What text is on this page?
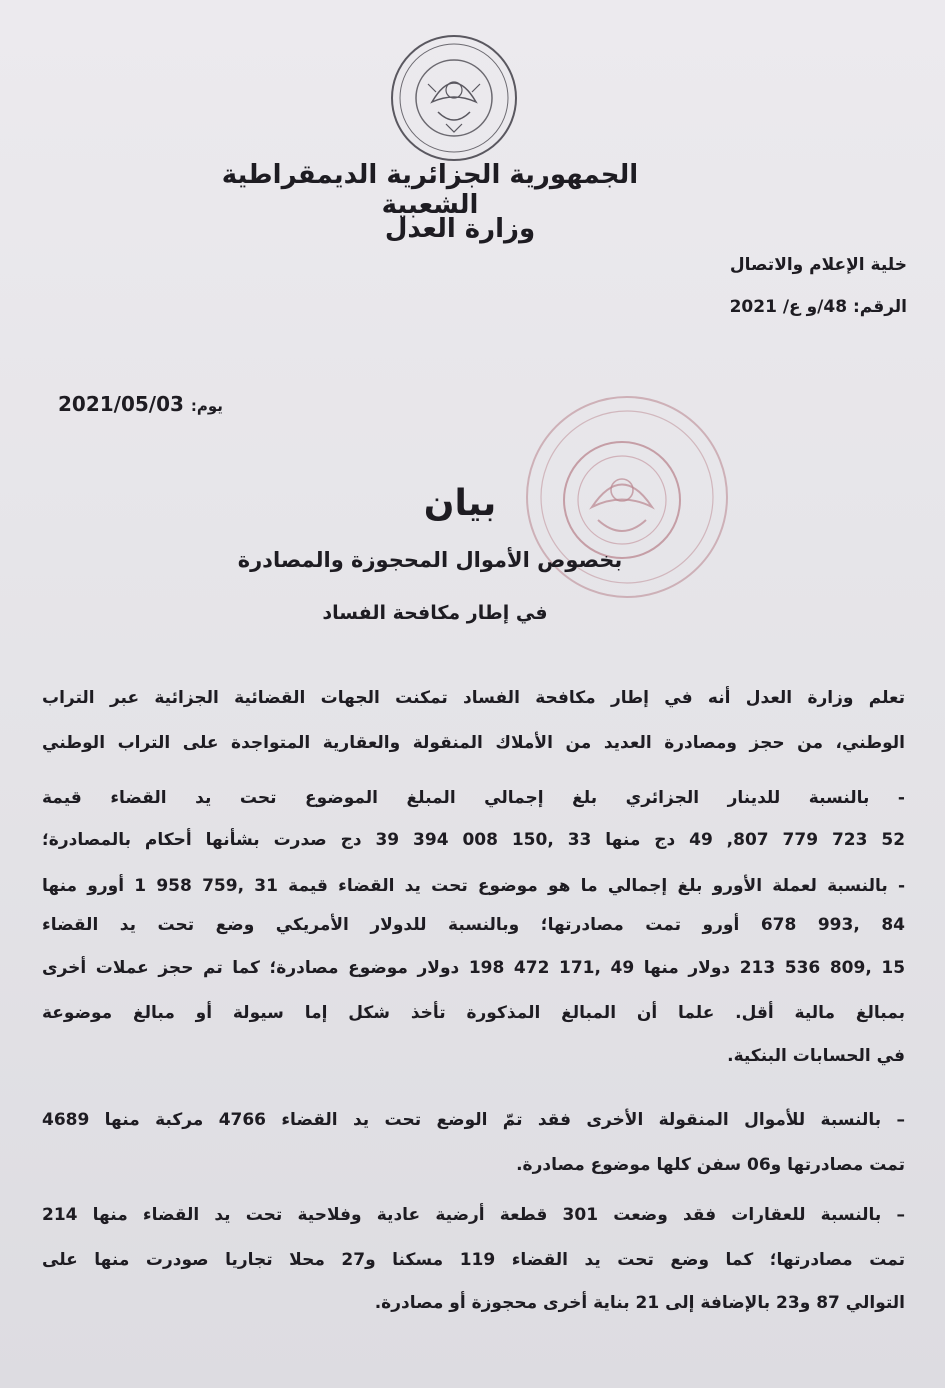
الجمهورية الجزائرية الديمقراطية الشعبية
وزارة العدل
خلية الإعلام والاتصال
الرقم: 48/و ع/ 2021
2021/05/03 يوم:
بيان
بخصوص الأموال المحجوزة والمصادرة
في إطار مكافحة الفساد
تعلم وزارة العدل أنه في إطار مكافحة الفساد تمكنت الجهات القضائية الجزائية عبر التراب
الوطني، من حجز ومصادرة العديد من الأملاك المنقولة والعقارية المتواجدة على التراب الوطني
- بالنسبة للدينار الجزائري بلغ إجمالي المبلغ الموضوع تحت يد القضاء قيمة
52 723 779 807, 49 دج منها 33 ,150 008 394 39 دج صدرت بشأنها أحكام بالمصادرة؛
- بالنسبة لعملة الأورو بلغ إجمالي ما هو موضوع تحت يد القضاء قيمة 31 ,759 958 1 أورو منها
84 ,993 678 أورو تمت مصادرتها؛ وبالنسبة للدولار الأمريكي وضع تحت يد القضاء
15 ,809 536 213 دولار منها 49 ,171 472 198 دولار موضوع مصادرة؛ كما تم حجز عملات أخرى
بمبالغ مالية أقل. علما أن المبالغ المذكورة تأخذ شكل إما سيولة أو مبالغ موضوعة
في الحسابات البنكية.
– بالنسبة للأموال المنقولة الأخرى فقد تمّ الوضع تحت يد القضاء 4766 مركبة منها 4689
تمت مصادرتها و06 سفن كلها موضوع مصادرة.
– بالنسبة للعقارات فقد وضعت 301 قطعة أرضية عادية وفلاحية تحت يد القضاء منها 214
تمت مصادرتها؛ كما وضع تحت يد القضاء 119 مسكنا و27 محلا تجاريا صودرت منها على
التوالي 87 و23 بالإضافة إلى 21 بناية أخرى محجوزة أو مصادرة.
